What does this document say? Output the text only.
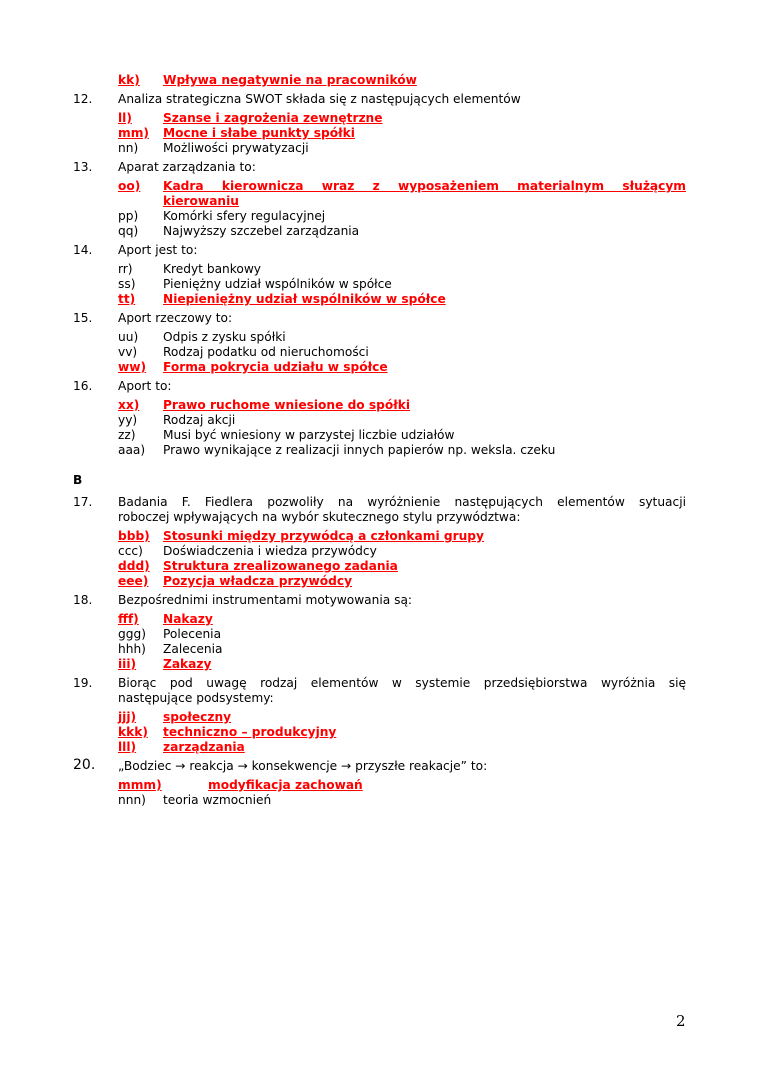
kk) Wpływa negatywnie na pracowników
12. Analiza strategiczna SWOT składa się z następujących elementów
ll)	Szanse i zagrożenia zewnętrzne
mm) Mocne i słabe punkty spółki
nn) Możliwości prywatyzacji
13. Aparat zarządzania to:
oo) Kadra kierownicza wraz z wyposażeniem materialnym służącym
kierowaniu
pp) Komórki sfery regulacyjnej
qq) Najwyższy szczebel zarządzania
14. Aport jest to:
rr) Kredyt bankowy
ss) Pieniężny udział wspólników w spółce
tt) Niepieniężny udział wspólników w spółce
15. Aport rzeczowy to:
uu) Odpis z zysku spółki
vv) Rodzaj podatku od nieruchomości
ww) Forma pokrycia udziału w spółce
16. Aport to:
xx) Prawo ruchome wniesione do spółki
yy) Rodzaj akcji
zz) Musi być wniesiony w parzystej liczbie udziałów
aaa) Prawo wynikające z realizacji innych papierów np. weksla. czeku
B
17. Badania F. Fiedlera pozwoliły na wyróżnienie następujących elementów sytuacji
roboczej wpływających na wybór skutecznego stylu przywództwa:
bbb) Stosunki między przywódcą a członkami grupy
ccc) Doświadczenia i wiedza przywódcy
ddd) Struktura zrealizowanego zadania
eee) Pozycja władcza przywódcy
18. Bezpośrednimi instrumentami motywowania są:
fff) Nakazy
ggg) Polecenia
hhh) Zalecenia
iii) Zakazy
19. Biorąc pod uwagę rodzaj elementów w systemie przedsiębiorstwa wyróżnia się
następujące podsystemy:
jjj) społeczny
kkk) techniczno – produkcyjny
lll) zarządzania
20. „Bodziec → reakcja → konsekwencje → przyszłe reakacje” to:
mmm)	modyfikacja zachowań
nnn) teoria wzmocnień
2
